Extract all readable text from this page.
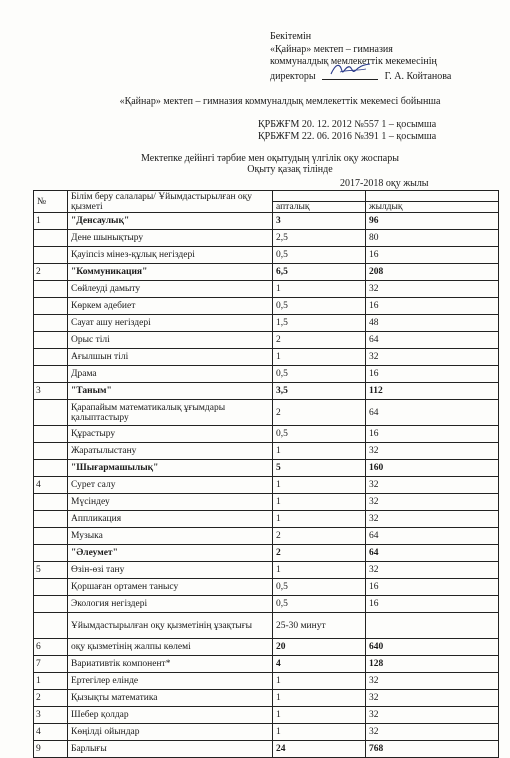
Бекітемін
«Қайнар» мектеп – гимназия
коммуналдық мемлекеттік мекемесінің
директоры	Г. А. Койтанова
«Қайнар» мектеп – гимназия коммуналдық мемлекеттік мекемесі бойынша
ҚРБЖҒМ 20. 12. 2012 №557 1 – қосымша
ҚРБЖҒМ 22. 06. 2016 №391 1 – қосымша
Мектепке дейінгі тәрбие мен оқытудың үлгілік оқу жоспары
Оқыту қазақ тілінде
2017-2018 оқу жылы
№	Білім беру салалары/ Ұйымдастырылған оқу қызметі		
		апталық	жылдық
1	"Денсаулық"	3	96
	Дене шынықтыру	2,5	80
	Қауіпсіз мінез-құлық негіздері	0,5	16
2	"Коммуникация"	6,5	208
	Сөйлеуді дамыту	1	32
	Көркем әдебиет	0,5	16
	Сауат ашу негіздері	1,5	48
	Орыс тілі	2	64
	Ағылшын тілі	1	32
	Драма	0,5	16
3	"Таным"	3,5	112
	Қарапайым математикалық ұғымдары қалыптастыру	2	64
	Құрастыру	0,5	16
	Жаратылыстану	1	32
	"Шығармашылық"	5	160
4	Сурет салу	1	32
	Мүсіндеу	1	32
	Аппликация	1	32
	Музыка	2	64
	"Әлеумет"	2	64
5	Өзін-өзі тану	1	32
	Қоршаған ортамен танысу	0,5	16
	Экология негіздері	0,5	16
	Ұйымдастырылған оқу қызметінің ұзақтығы	25-30 минут	
6	оқу қызметінің жалпы көлемі	20	640
7	Вариативтік компонент*	4	128
1	Ертегілер елінде	1	32
2	Қызықты математика	1	32
3	Шебер қолдар	1	32
4	Көңілді ойындар	1	32
9	Барлығы	24	768
